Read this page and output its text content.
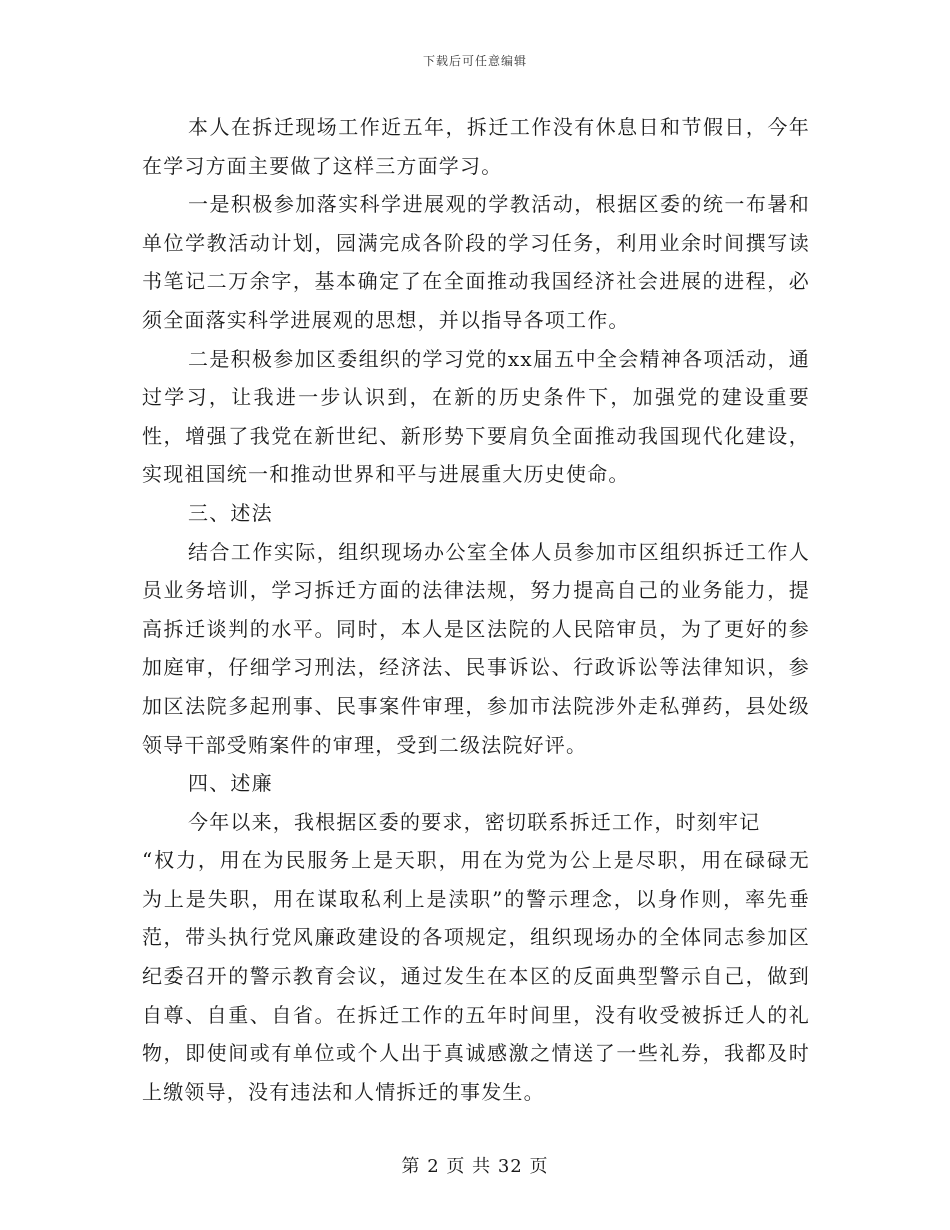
下载后可任意编辑

本人在拆迁现场工作近五年，拆迁工作没有休息日和节假日，今年在学习方面主要做了这样三方面学习。

一是积极参加落实科学进展观的学教活动，根据区委的统一布暑和单位学教活动计划，园满完成各阶段的学习任务，利用业余时间撰写读书笔记二万余字，基本确定了在全面推动我国经济社会进展的进程，必须全面落实科学进展观的思想，并以指导各项工作。

二是积极参加区委组织的学习党的xx届五中全会精神各项活动，通过学习，让我进一步认识到，在新的历史条件下，加强党的建设重要性，增强了我党在新世纪、新形势下要肩负全面推动我国现代化建设，实现祖国统一和推动世界和平与进展重大历史使命。

三、述法

结合工作实际，组织现场办公室全体人员参加市区组织拆迁工作人员业务培训，学习拆迁方面的法律法规，努力提高自己的业务能力，提高拆迁谈判的水平。同时，本人是区法院的人民陪审员，为了更好的参加庭审，仔细学习刑法，经济法、民事诉讼、行政诉讼等法律知识，参加区法院多起刑事、民事案件审理，参加市法院涉外走私弹药，县处级领导干部受贿案件的审理，受到二级法院好评。

四、述廉

今年以来，我根据区委的要求，密切联系拆迁工作，时刻牢记

“权力，用在为民服务上是天职，用在为党为公上是尽职，用在碌碌无为上是失职，用在谋取私利上是渎职”的警示理念，以身作则，率先垂范，带头执行党风廉政建设的各项规定，组织现场办的全体同志参加区纪委召开的警示教育会议，通过发生在本区的反面典型警示自己，做到自尊、自重、自省。在拆迁工作的五年时间里，没有收受被拆迁人的礼物，即使间或有单位或个人出于真诚感激之情送了一些礼券，我都及时上缴领导，没有违法和人情拆迁的事发生。

第 2 页 共 32 页
